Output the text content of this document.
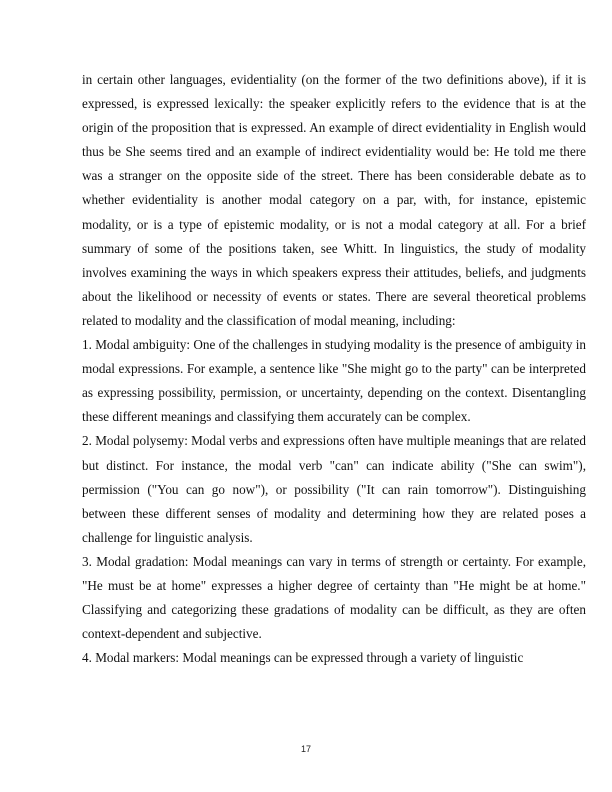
in certain other languages, evidentiality (on the former of the two definitions above), if it is expressed, is expressed lexically: the speaker explicitly refers to the evidence that is at the origin of the proposition that is expressed. An example of direct evidentiality in English would thus be She seems tired and an example of indirect evidentiality would be: He told me there was a stranger on the opposite side of the street. There has been considerable debate as to whether evidentiality is another modal category on a par, with, for instance, epistemic modality, or is a type of epistemic modality, or is not a modal category at all. For a brief summary of some of the positions taken, see Whitt. In linguistics, the study of modality involves examining the ways in which speakers express their attitudes, beliefs, and judgments about the likelihood or necessity of events or states. There are several theoretical problems related to modality and the classification of modal meaning, including:

1. Modal ambiguity: One of the challenges in studying modality is the presence of ambiguity in modal expressions. For example, a sentence like "She might go to the party" can be interpreted as expressing possibility, permission, or uncertainty, depending on the context. Disentangling these different meanings and classifying them accurately can be complex.

2. Modal polysemy: Modal verbs and expressions often have multiple meanings that are related but distinct. For instance, the modal verb "can" can indicate ability ("She can swim"), permission ("You can go now"), or possibility ("It can rain tomorrow"). Distinguishing between these different senses of modality and determining how they are related poses a challenge for linguistic analysis.

3. Modal gradation: Modal meanings can vary in terms of strength or certainty. For example, "He must be at home" expresses a higher degree of certainty than "He might be at home." Classifying and categorizing these gradations of modality can be difficult, as they are often context-dependent and subjective.

4. Modal markers: Modal meanings can be expressed through a variety of linguistic

17
